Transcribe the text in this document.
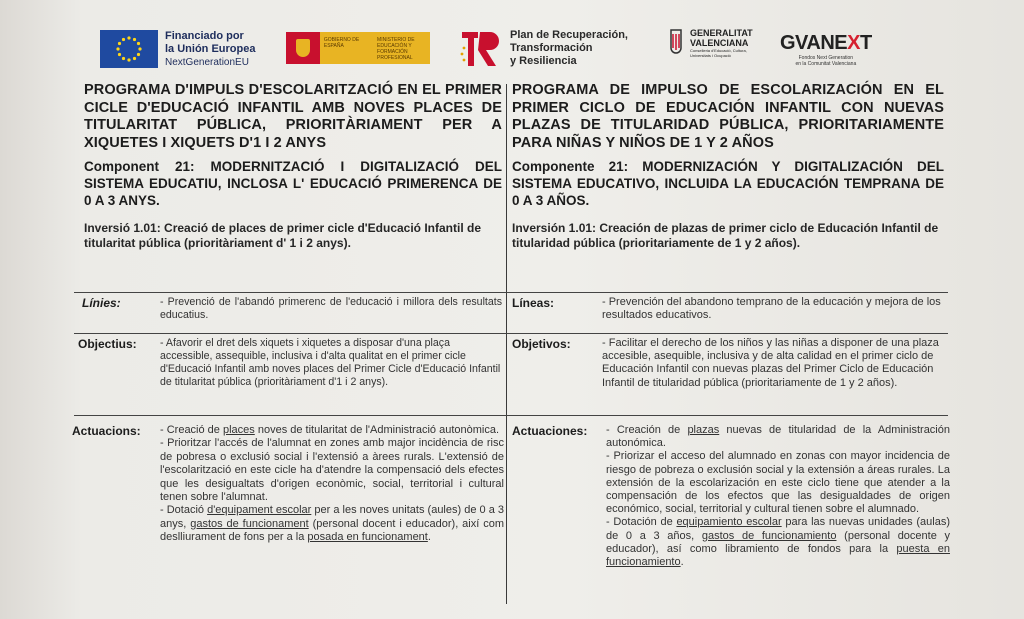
Financiado por
la Unión Europea
NextGenerationEU
GOBIERNO DE ESPAÑA
MINISTERIO DE EDUCACIÓN Y FORMACIÓN PROFESIONAL
Plan de Recuperación,
Transformación
y Resiliencia
GENERALITAT
VALENCIANA
Conselleria d'Educació, Cultura,
Universitats i Ocupació
GVANEXT
Fondos Next Generation
en la Comunitat Valenciana

PROGRAMA D'IMPULS D'ESCOLARITZACIÓ EN EL PRIMER CICLE D'EDUCACIÓ INFANTIL AMB NOVES PLACES DE TITULARITAT PÚBLICA, PRIORITÀRIAMENT PER A XIQUETES I XIQUETS D'1 I 2 ANYS

Component 21: MODERNITZACIÓ I DIGITALIZACIÓ DEL SISTEMA EDUCATIU, INCLOSA L' EDUCACIÓ PRIMERENCA DE 0 A 3 ANYS.
Inversió 1.01: Creació de places de primer cicle d'Educació Infantil de titularitat pública (prioritàriament d' 1 i 2 anys).

PROGRAMA DE IMPULSO DE ESCOLARIZACIÓN EN EL PRIMER CICLO DE EDUCACIÓN INFANTIL CON NUEVAS PLAZAS DE TITULARIDAD PÚBLICA, PRIORITARIAMENTE PARA NIÑAS Y NIÑOS DE 1 Y 2 AÑOS

Componente 21: MODERNIZACIÓN Y DIGITALIZACIÓN DEL SISTEMA EDUCATIVO, INCLUIDA LA EDUCACIÓN TEMPRANA DE 0 A 3 AÑOS.
Inversión 1.01: Creación de plazas de primer ciclo de Educación Infantil de titularidad pública (prioritariamente de 1 y 2 años).
Línies:	- Prevenció de l'abandó primerenc de l'educació i millora dels resultats educatius.
Líneas:	- Prevención del abandono temprano de la educación y mejora de los resultados educativos.
Objectius: - Afavorir el dret dels xiquets i xiquetes a disposar d'una plaça accessible, assequible, inclusiva i d'alta qualitat en el primer cicle d'Educació Infantil amb noves places del Primer Cicle d'Educació Infantil de titularitat pública (prioritàriament d'1 i 2 anys).
Objetivos:	- Facilitar el derecho de los niños y las niñas a disponer de una plaza accesible, asequible, inclusiva y de alta calidad en el primer ciclo de Educación Infantil con nuevas plazas del Primer Ciclo de Educación Infantil de titularidad pública (prioritariamente de 1 y 2 años).
Actuacions: - Creació de places noves de titularitat de l'Administració autonòmica.

- Prioritzar l'accés de l'alumnat en zones amb major incidència de risc de pobresa o exclusió social i l'extensió a àrees rurals. L'extensió de l'escolarització en este cicle ha d'atendre la compensació dels efectes que les desigualtats d'origen econòmic, social, territorial i cultural tenen sobre l'alumnat.

- Dotació d'equipament escolar per a les noves unitats (aules) de 0 a 3 anys, gastos de funcionament (personal docent i educador), així com deslliurament de fons per a la posada en funcionament.

Actuaciones: - Creación de plazas nuevas de titularidad de la Administración autonómica.

- Priorizar el acceso del alumnado en zonas con mayor incidencia de riesgo de pobreza o exclusión social y la extensión a áreas rurales. La extensión de la escolarización en este ciclo tiene que atender a la compensación de los efectos que las desigualdades de origen económico, social, territorial y cultural tienen sobre el alumnado.

- Dotación de equipamiento escolar para las nuevas unidades (aulas) de 0 a 3 años, gastos de funcionamiento (personal docente y educador), así como libramiento de fondos para la puesta en funcionamiento.
